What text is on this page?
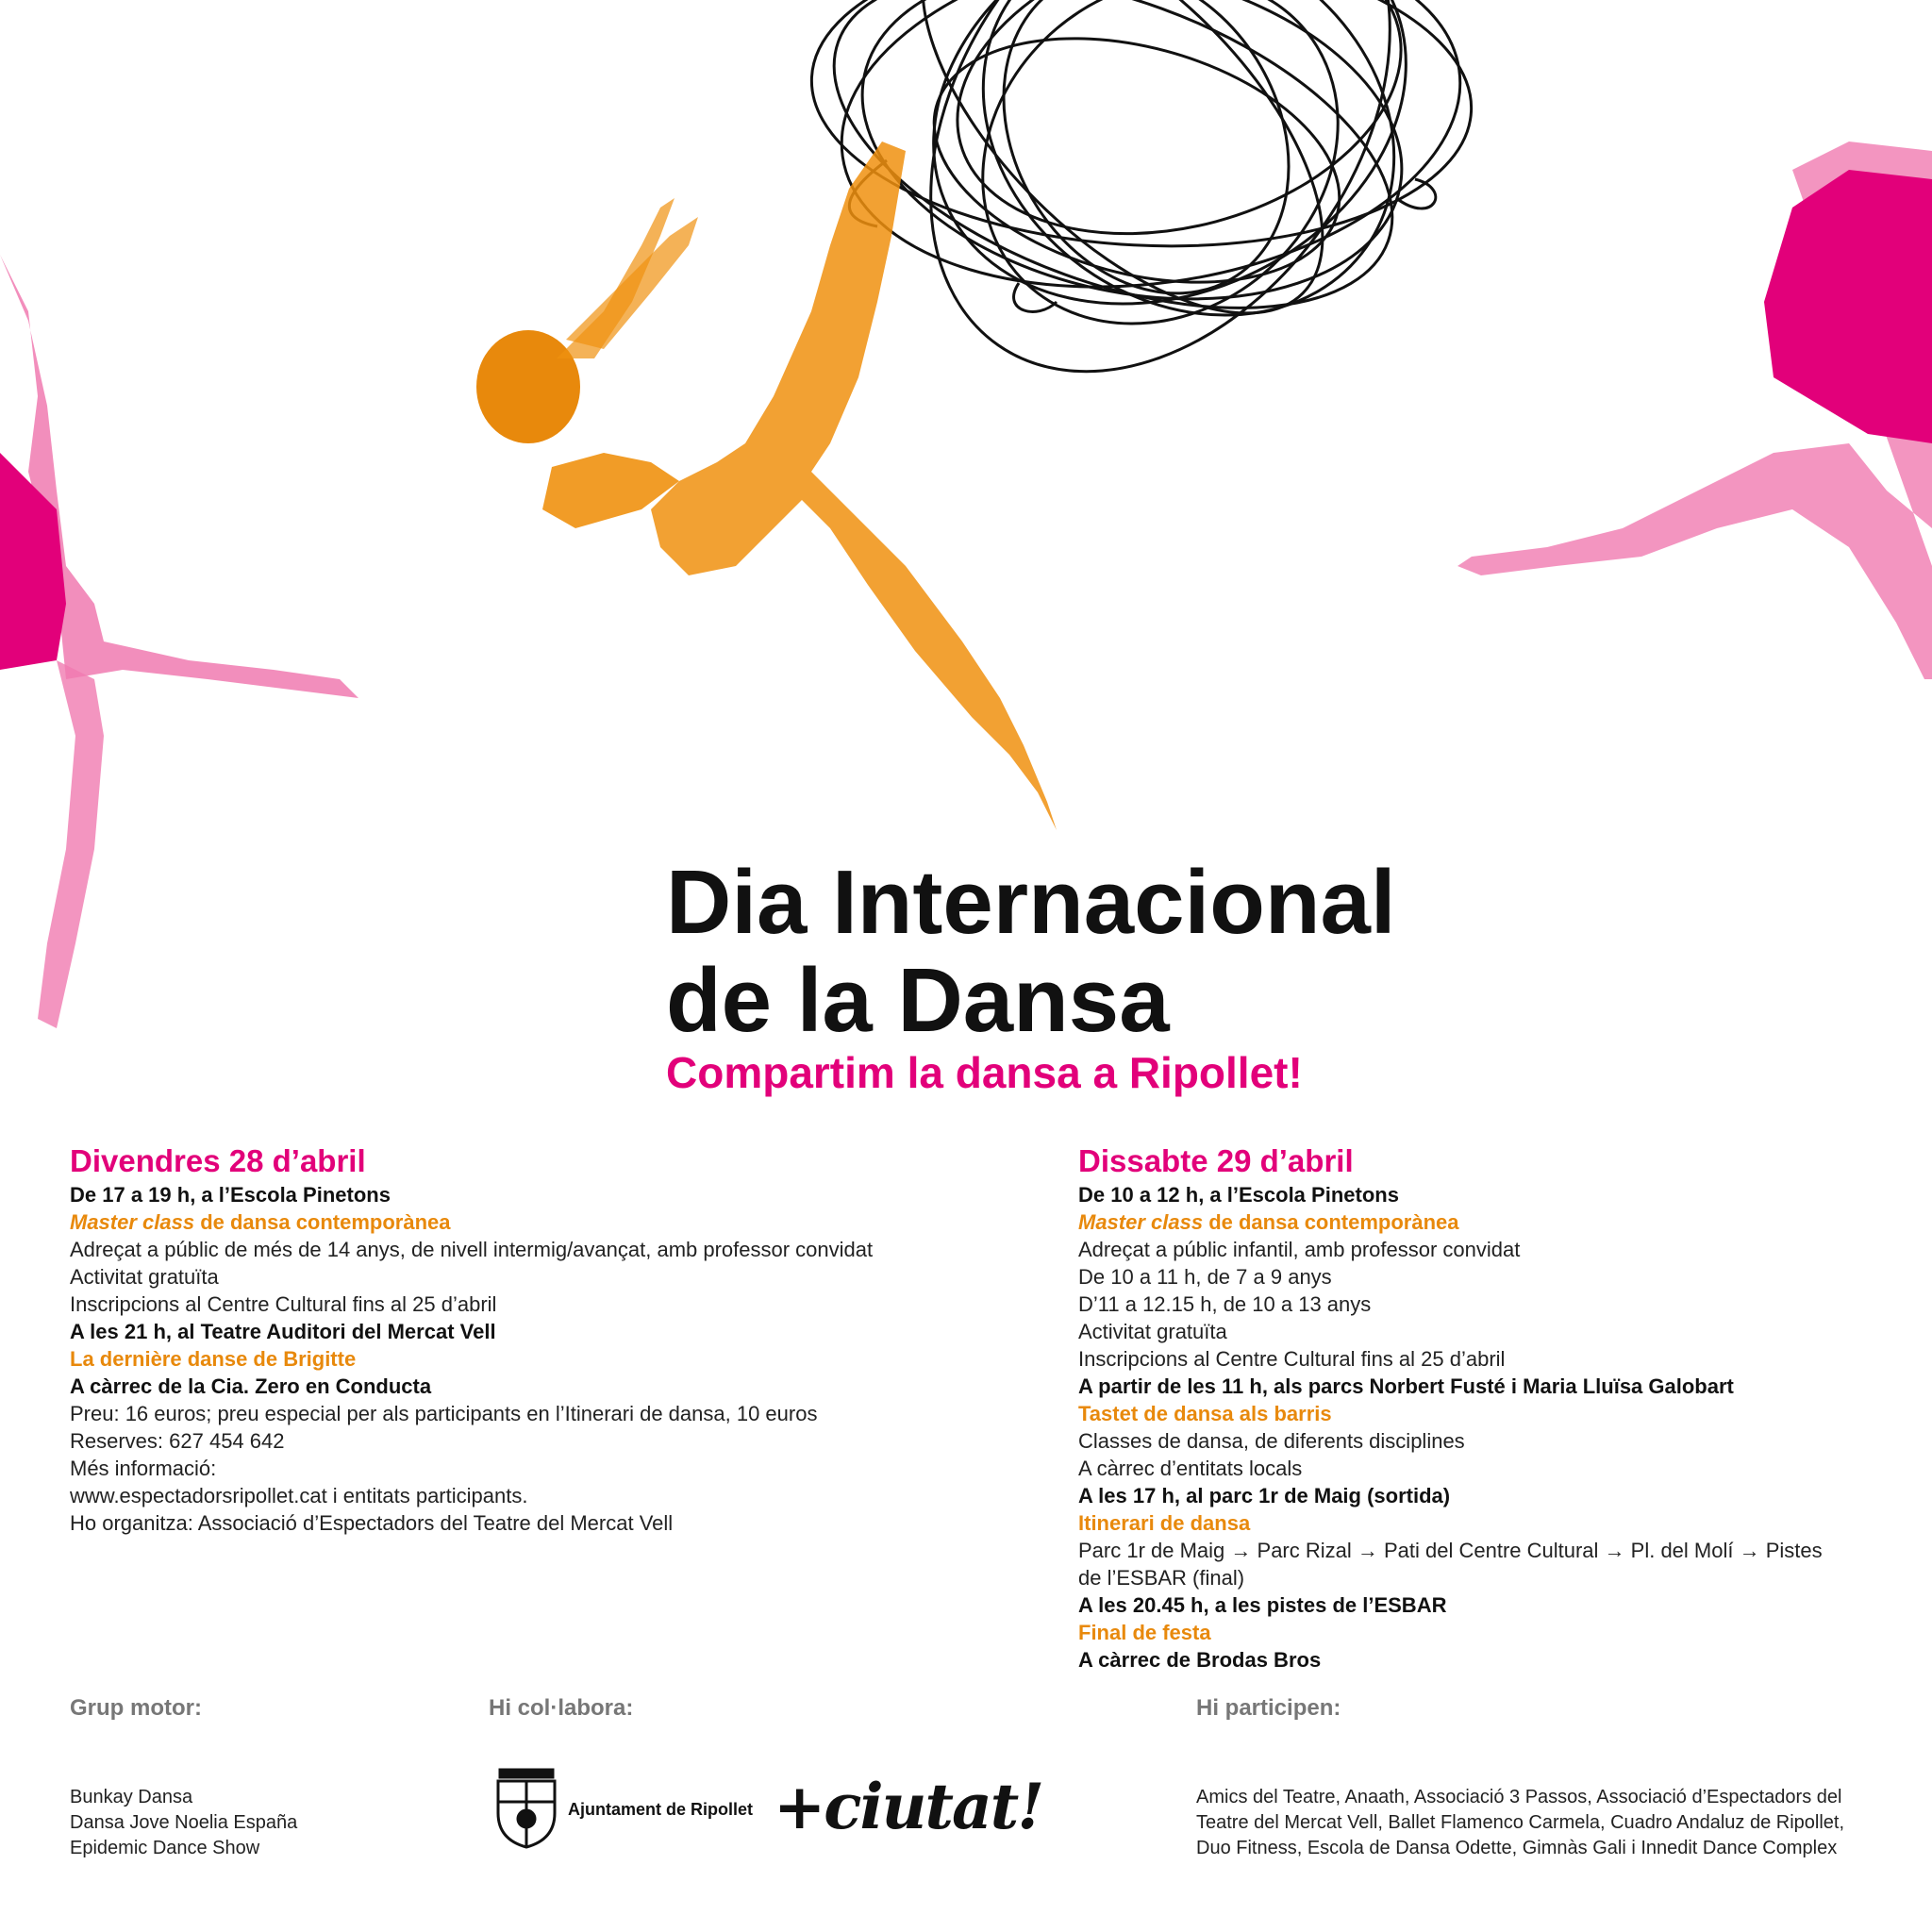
Dia Internacional
de la Dansa
Compartim la dansa a Ripollet!
Divendres 28 d’abril
De 17 a 19 h, a l’Escola Pinetons
Master class de dansa contemporànea
Adreçat a públic de més de 14 anys, de nivell intermig/avançat, amb professor convidat
Activitat gratuïta
Inscripcions al Centre Cultural fins al 25 d’abril
A les 21 h, al Teatre Auditori del Mercat Vell
La dernière danse de Brigitte
A càrrec de la Cia. Zero en Conducta
Preu: 16 euros; preu especial per als participants en l’Itinerari de dansa, 10 euros
Reserves: 627 454 642
Més informació:
www.espectadorsripollet.cat i entitats participants.
Ho organitza: Associació d’Espectadors del Teatre del Mercat Vell
Dissabte 29 d’abril
De 10 a 12 h, a l’Escola Pinetons
Master class de dansa contemporànea
Adreçat a públic infantil, amb professor convidat
De 10 a 11 h, de 7 a 9 anys
D’11 a 12.15 h, de 10 a 13 anys
Activitat gratuïta
Inscripcions al Centre Cultural fins al 25 d’abril
A partir de les 11 h, als parcs Norbert Fusté i Maria Lluïsa Galobart
Tastet de dansa als barris
Classes de dansa, de diferents disciplines
A càrrec d’entitats locals
A les 17 h, al parc 1r de Maig (sortida)
Itinerari de dansa
Parc 1r de Maig → Parc Rizal → Pati del Centre Cultural → Pl. del Molí → Pistes
de l’ESBAR (final)
A les 20.45 h, a les pistes de l’ESBAR
Final de festa
A càrrec de Brodas Bros
Grup motor:
Bunkay Dansa
Dansa Jove Noelia España
Epidemic Dance Show
Hi col·labora:
Ajuntament de Ripollet +ciutat!
Hi participen:
Amics del Teatre, Anaath, Associació 3 Passos, Associació d’Espectadors del
Teatre del Mercat Vell, Ballet Flamenco Carmela, Cuadro Andaluz de Ripollet,
Duo Fitness, Escola de Dansa Odette, Gimnàs Gali i Innedit Dance Complex
